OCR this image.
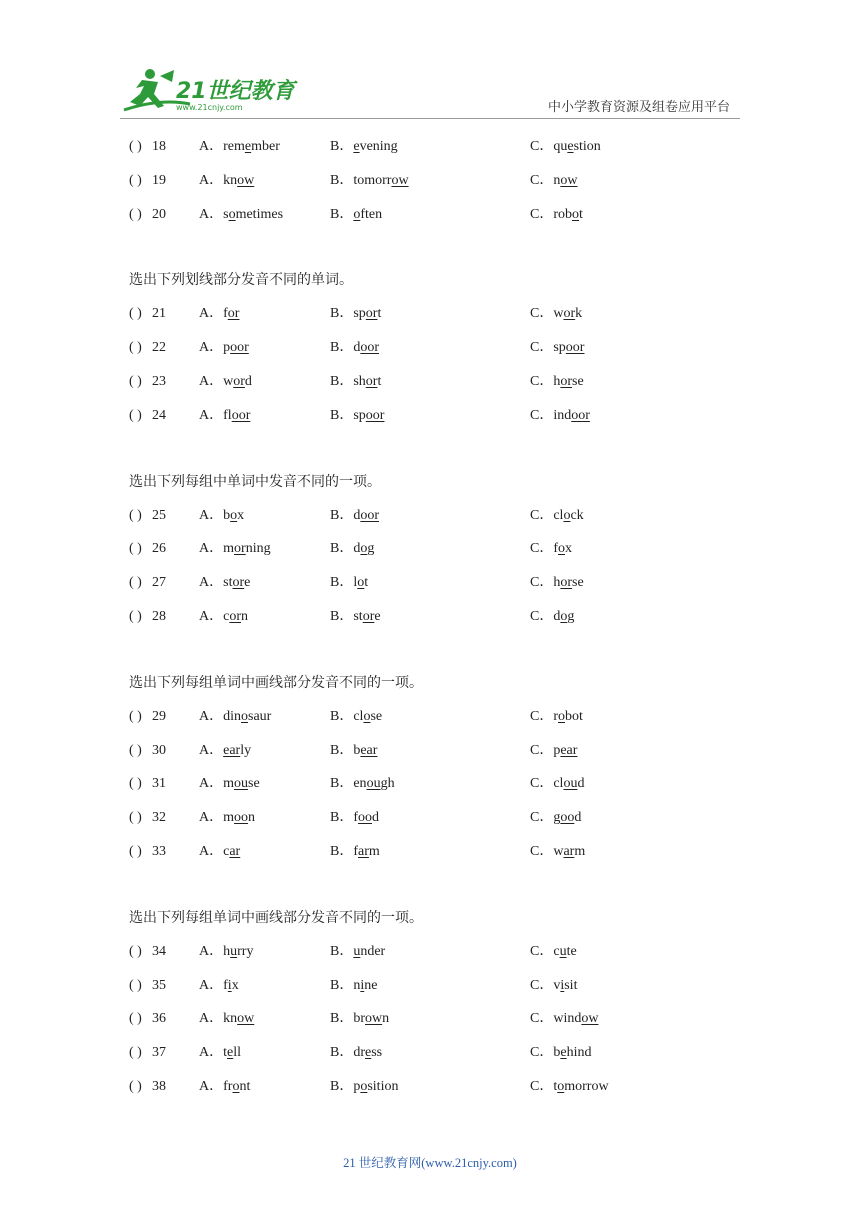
21世纪教育
www.21cnjy.com	中小学教育资源及组卷应用平台
( ) 18 A．remember	B．evening	C．question
( ) 19 A．know	B．tomorrow	C．now
( ) 20 A．sometimes	B．often	C．robot
选出下列划线部分发音不同的单词。
( ) 21 A．for	B．sport	C．work
( ) 22 A．poor	B．door	C．spoor
( ) 23 A．word	B．short	C．horse
( ) 24 A．floor	B．spoor	C．indoor
选出下列每组中单词中发音不同的一项。
( ) 25 A．box	B．door	C．clock
( ) 26 A．morning	B．dog	C．fox
( ) 27 A．store	B．lot	C．horse
( ) 28 A．corn	B．store	C．dog
选出下列每组单词中画线部分发音不同的一项。
( ) 29 A．dinosaur	B．close	C．robot
( ) 30 A．early	B．bear	C．pear
( ) 31 A．mouse	B．enough	C．cloud
( ) 32 A．moon	B．food	C．good
( ) 33 A．car	B．farm	C．warm
选出下列每组单词中画线部分发音不同的一项。
( ) 34 A．hurry	B．under	C．cute
( ) 35 A．fix	B．nine	C．visit
( ) 36 A．know	B．brown	C．window
( ) 37 A．tell	B．dress	C．behind
( ) 38 A．front	B．position	C．tomorrow
21 世纪教育网(www.21cnjy.com)
